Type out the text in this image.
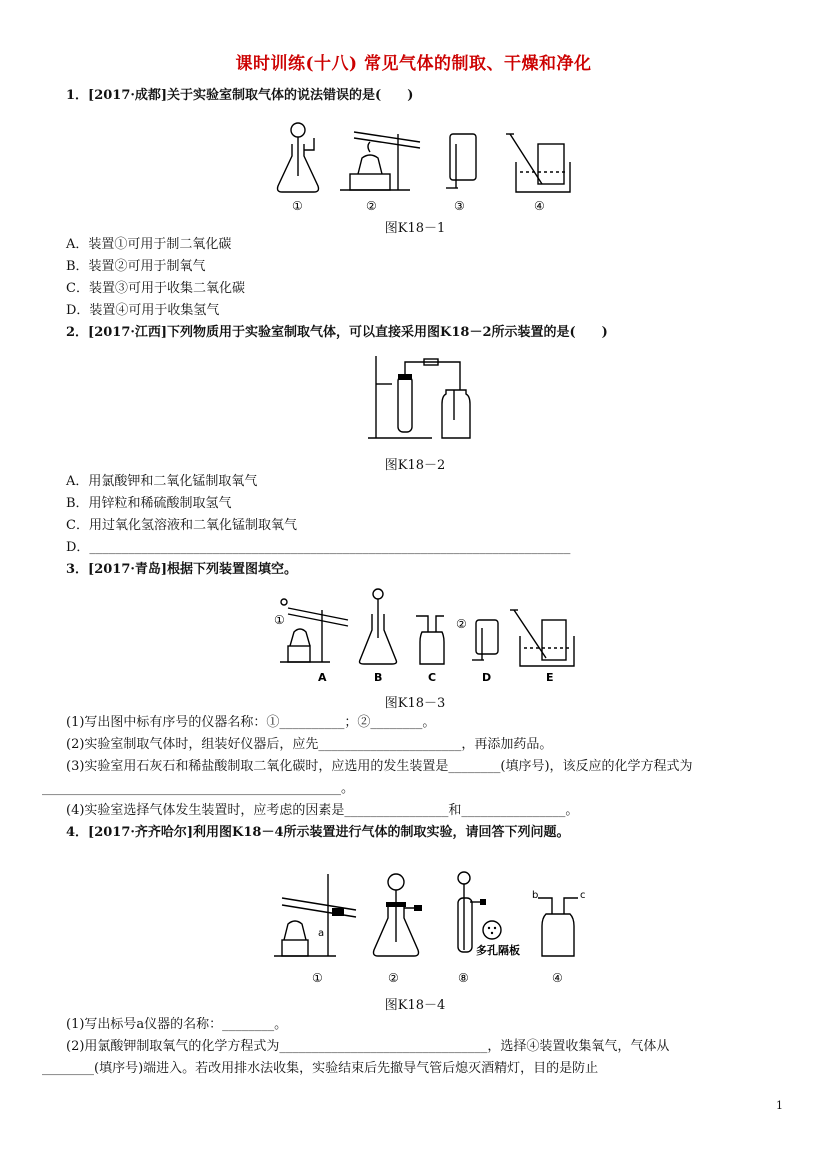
课时训练(十八) 常见气体的制取、干燥和净化
1．[2017·成都]关于实验室制取气体的说法错误的是(　　)
①	②	③	④
图K18－1
A．装置①可用于制二氧化碳
B．装置②可用于制氧气
C．装置③可用于收集二氧化碳
D．装置④可用于收集氢气
2．[2017·江西]下列物质用于实验室制取气体，可以直接采用图K18－2所示装置的是(　　)
图K18－2
A．用氯酸钾和二氧化锰制取氧气
B．用锌粒和稀硫酸制取氢气
C．用过氧化氢溶液和二氧化锰制取氧气
D．__________________________________________________________________________
3．[2017·青岛]根据下列装置图填空。
①
A	B	C
②
D	E
图K18－3
(1)写出图中标有序号的仪器名称：①__________；②________。
(2)实验室制取气体时，组装好仪器后，应先______________________，再添加药品。
(3)实验室用石灰石和稀盐酸制取二氧化碳时，应选用的发生装置是________(填序号)，该反应的化学方程式为
______________________________________________。
(4)实验室选择气体发生装置时，应考虑的因素是________________和________________。
4．[2017·齐齐哈尔]利用图K18－4所示装置进行气体的制取实验，请回答下列问题。
a
①	②
多孔隔板
⑧
b	c
④
图K18－4
(1)写出标号a仪器的名称：________。
(2)用氯酸钾制取氧气的化学方程式为________________________________，选择④装置收集氧气，气体从
________(填序号)端进入。若改用排水法收集，实验结束后先撤导气管后熄灭酒精灯，目的是防止
1
